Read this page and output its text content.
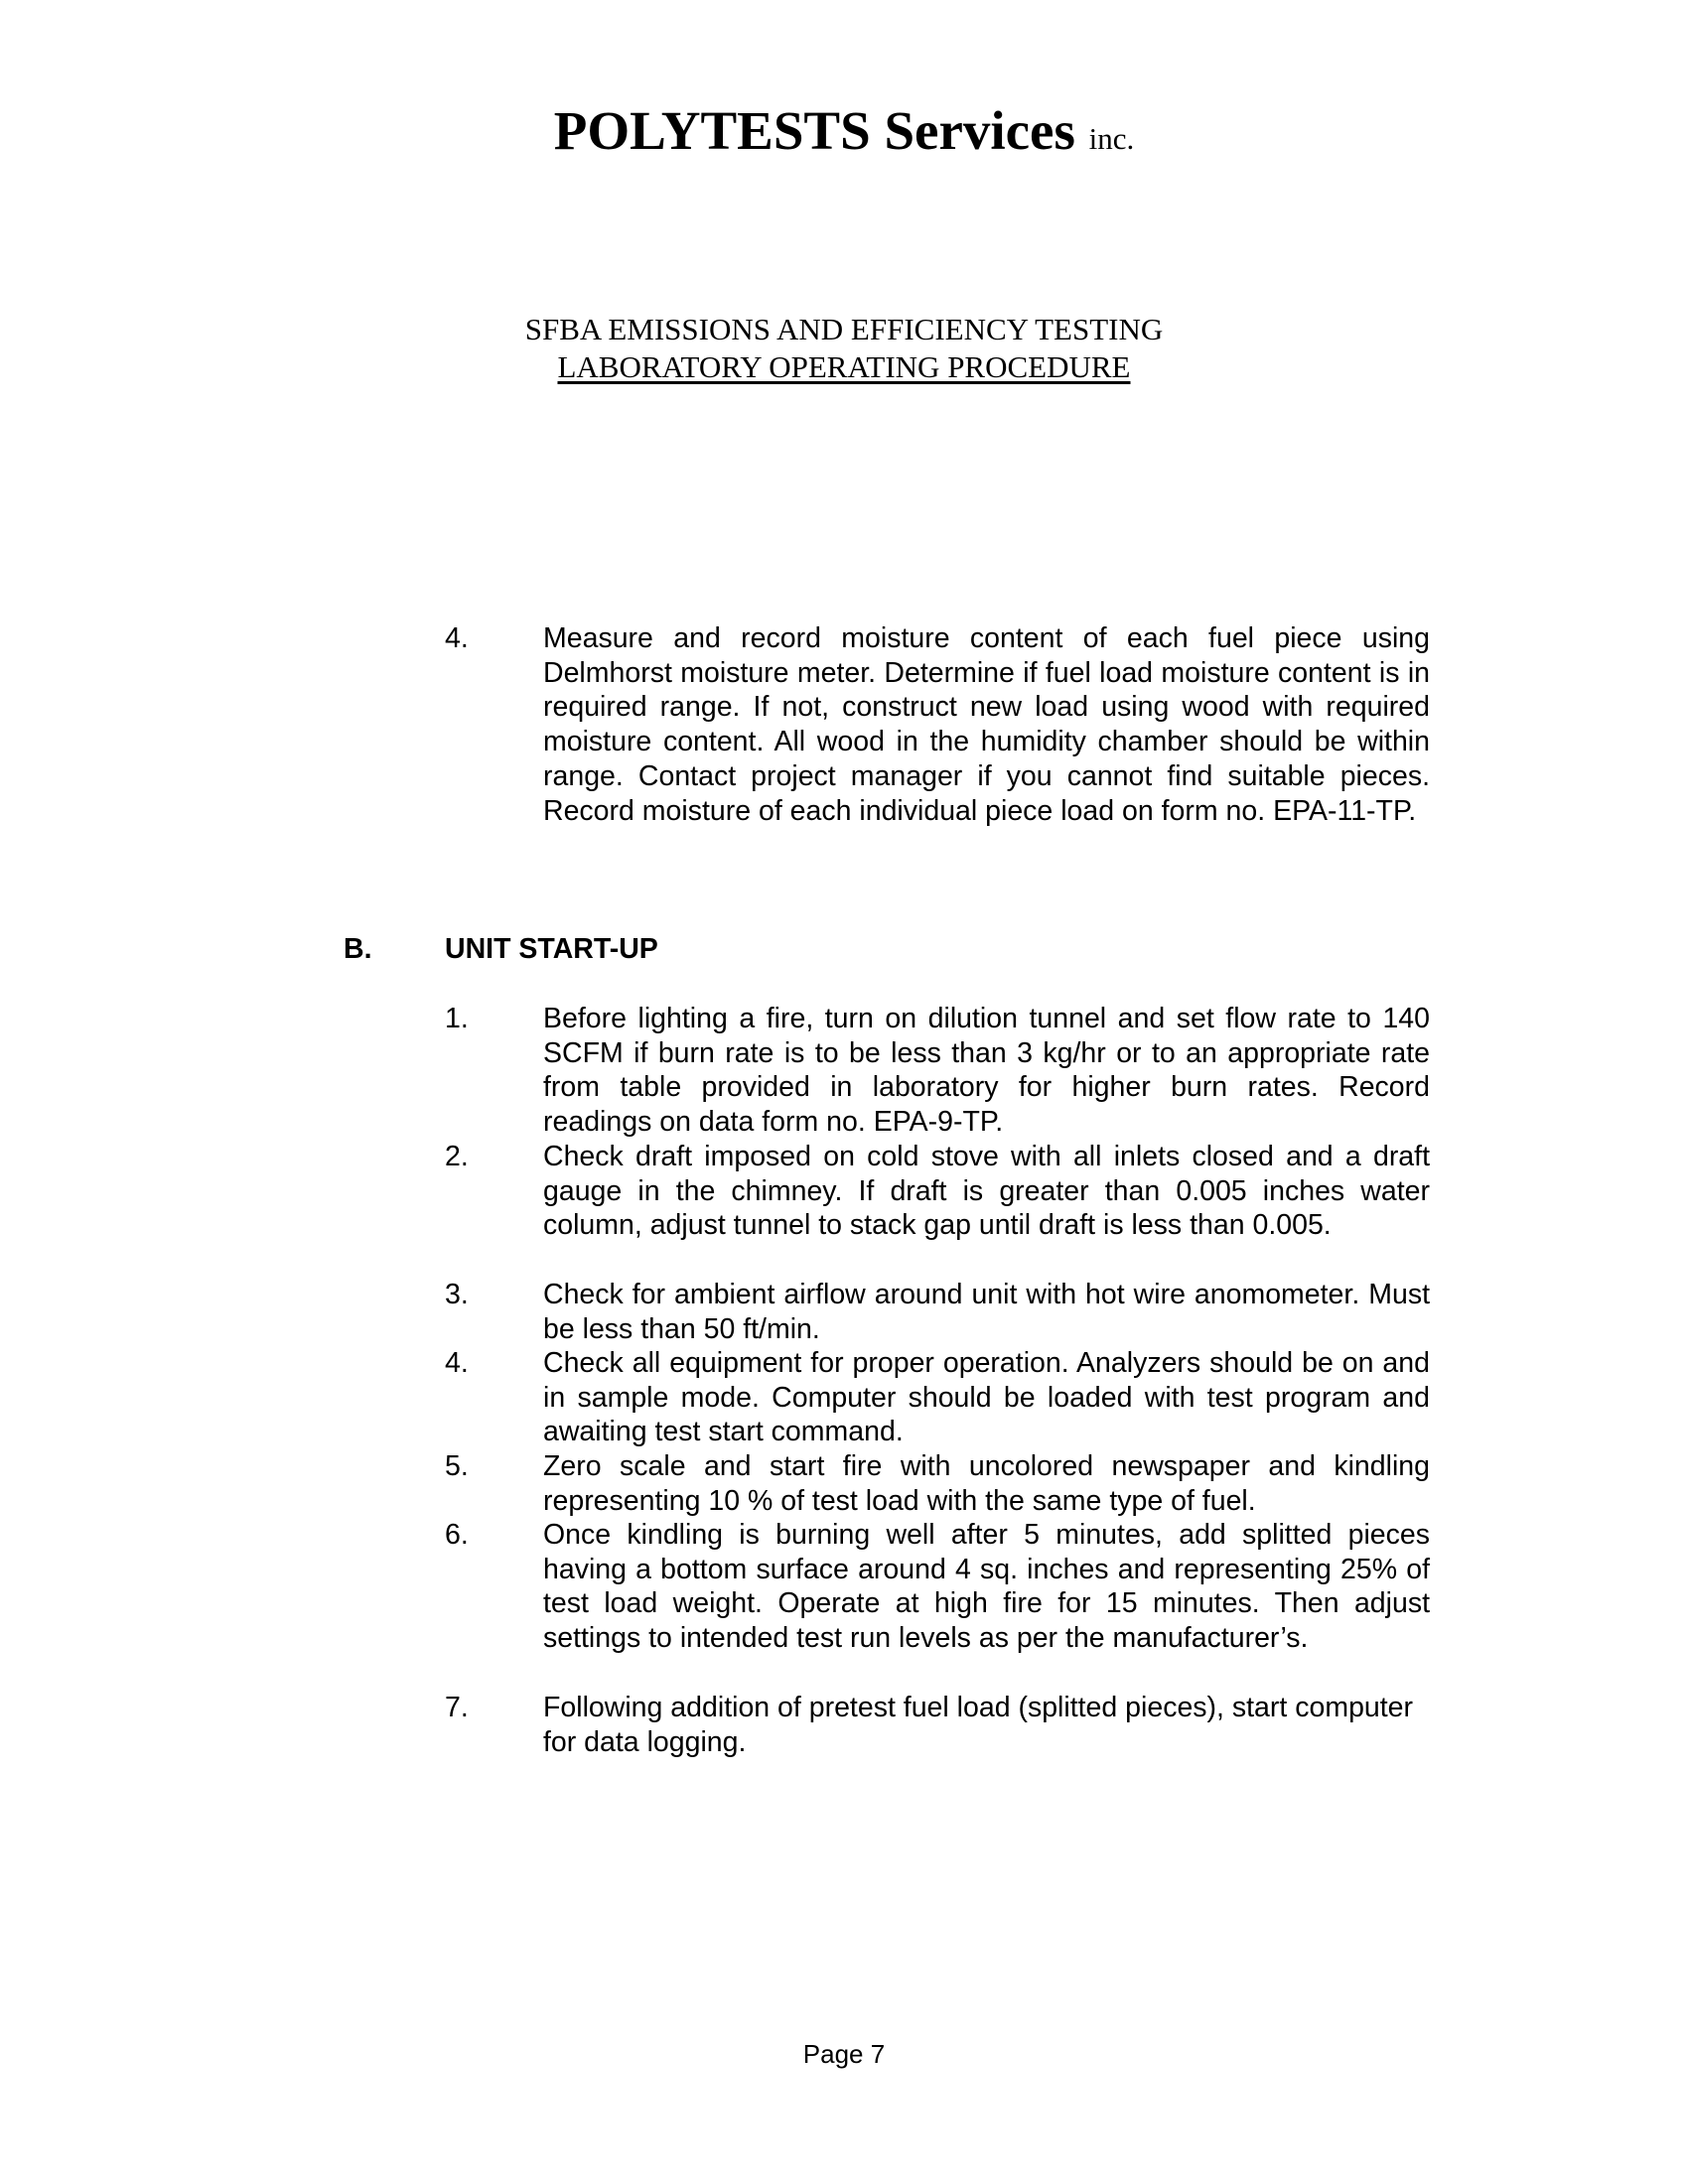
POLYTESTS Services inc.
SFBA EMISSIONS AND EFFICIENCY TESTING
LABORATORY OPERATING PROCEDURE
4.	Measure and record moisture content of each fuel piece using Delmhorst moisture meter. Determine if fuel load moisture content is in required range. If not, construct new load using wood with required moisture content. All wood in the humidity chamber should be within range. Contact project manager if you cannot find suitable pieces. Record moisture of each individual piece load on form no. EPA-11-TP.
B.	UNIT START-UP
1.	Before lighting a fire, turn on dilution tunnel and set flow rate to 140 SCFM if burn rate is to be less than 3 kg/hr or to an appropriate rate from table provided in laboratory for higher burn rates. Record readings on data form no. EPA-9-TP.
2.	Check draft imposed on cold stove with all inlets closed and a draft gauge in the chimney. If draft is greater than 0.005 inches water column, adjust tunnel to stack gap until draft is less than 0.005.
3.	Check for ambient airflow around unit with hot wire anomometer. Must be less than 50 ft/min.
4.	Check all equipment for proper operation. Analyzers should be on and in sample mode. Computer should be loaded with test program and awaiting test start command.
5.	Zero scale and start fire with uncolored newspaper and kindling representing 10 % of test load with the same type of fuel.
6.	Once kindling is burning well after 5 minutes, add splitted pieces having a bottom surface around 4 sq. inches and representing 25% of test load weight. Operate at high fire for 15 minutes. Then adjust settings to intended test run levels as per the manufacturer’s.
7.	Following addition of pretest fuel load (splitted pieces), start computer for data logging.
Page 7
